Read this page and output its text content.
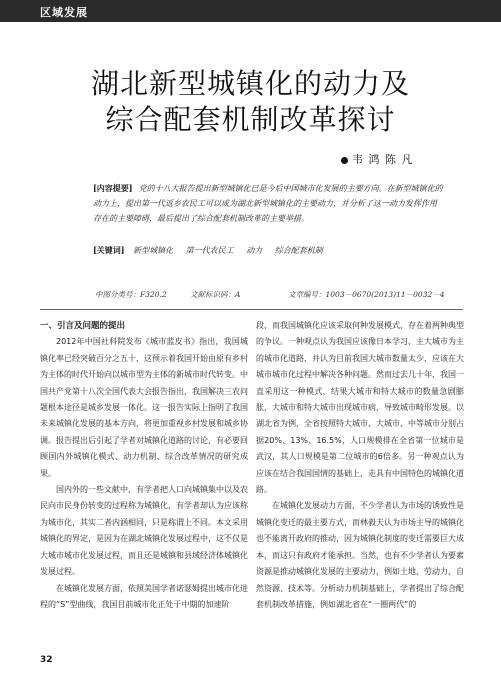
区域发展
湖北新型城镇化的动力及
综合配套机制改革探讨
韦 鸿 陈 凡
[内容提要] 党的十八大报告提出新型城镇化已是今后中国城市化发展的主要方向。在新型城镇化的动力上，提出第一代返乡农民工可以成为湖北新型城镇化的主要动力，并分析了这一动力发挥作用存在的主要障碍，最后提出了综合配套机制改革的主要举措。
[关键词] 新型城镇化 第一代农民工 动力 综合配套机制
中图分类号：F320.2	文献标识码：A	文章编号：1003－0670(2013)11－0032－4

一、引言及问题的提出

2012年中国社科院发布《城市蓝皮书》指出，我国城镇化率已经突破百分之五十，这预示着我国开始由原有乡村为主体的时代开始向以城市型为主体的新城市时代转变。中国共产党第十八次全国代表大会报告指出，我国解决三农问题根本途径是城乡发展一体化。这一报告实际上指明了我国未来城镇化发展的基本方向，将更加重视乡村发展和城乡协调。报告提出后引起了学者对城镇化道路的讨论，有必要回顾国内外城镇化模式、动力机制、综合改革情况的研究成果。

国内外的一些文献中，有学者把人口向城镇集中以及农民向市民身份转变的过程称为城镇化，有学者却认为应该称为城市化，其实二者内涵相同，只是称谓上不同。本文采用城镇化的界定，是因为在湖北城镇化发展过程中，这不仅是大城市城市化发展过程，而且还是城镇和县域经济体城镇化发展过程。

在城镇化发展方面，依照美国学者诺瑟姆提出城市化进程的“S”型曲线，我国目前城市化正处于中期的加速阶

段，而我国城镇化应该采取何种发展模式，存在着两种典型的争议。一种观点认为我国应该像日本学习，主大城市为主的城市化道路，并认为目前我国大城市数量太少，应该在大城市城市化过程中解决各种问题。然而过去几十年，我国一直采用这一种模式，结果大城市和特大城市的数量急剧膨胀，大城市和特大城市出现城市病，导致城市畸形发展。以湖北省为例，全省按照特大城市、大城市、中等城市分别占据20%、13%、16.5%，人口规模排在全省第一位城市是武汉，其人口规模是第二位城市的6倍多。另一种观点认为应该在结合我国国情的基础上，走具有中国特色的城镇化道路。

在城镇化发展动力方面，不少学者认为市场的诱致性是城镇化变迁的最主要方式，而林毅夫认为市场主导的城镇化也不能离开政府的推动，因为城镇化制度的变迁需要巨大成本，而这只有政府才能承担。当然，也有不少学者认为要素资源是推动城镇化发展的主要动力，例如土地、劳动力、自然资源、技术等。分析动力机制基础上，学者提出了综合配套机制改革措施，例如湖北省在“一圈两代”的

32
